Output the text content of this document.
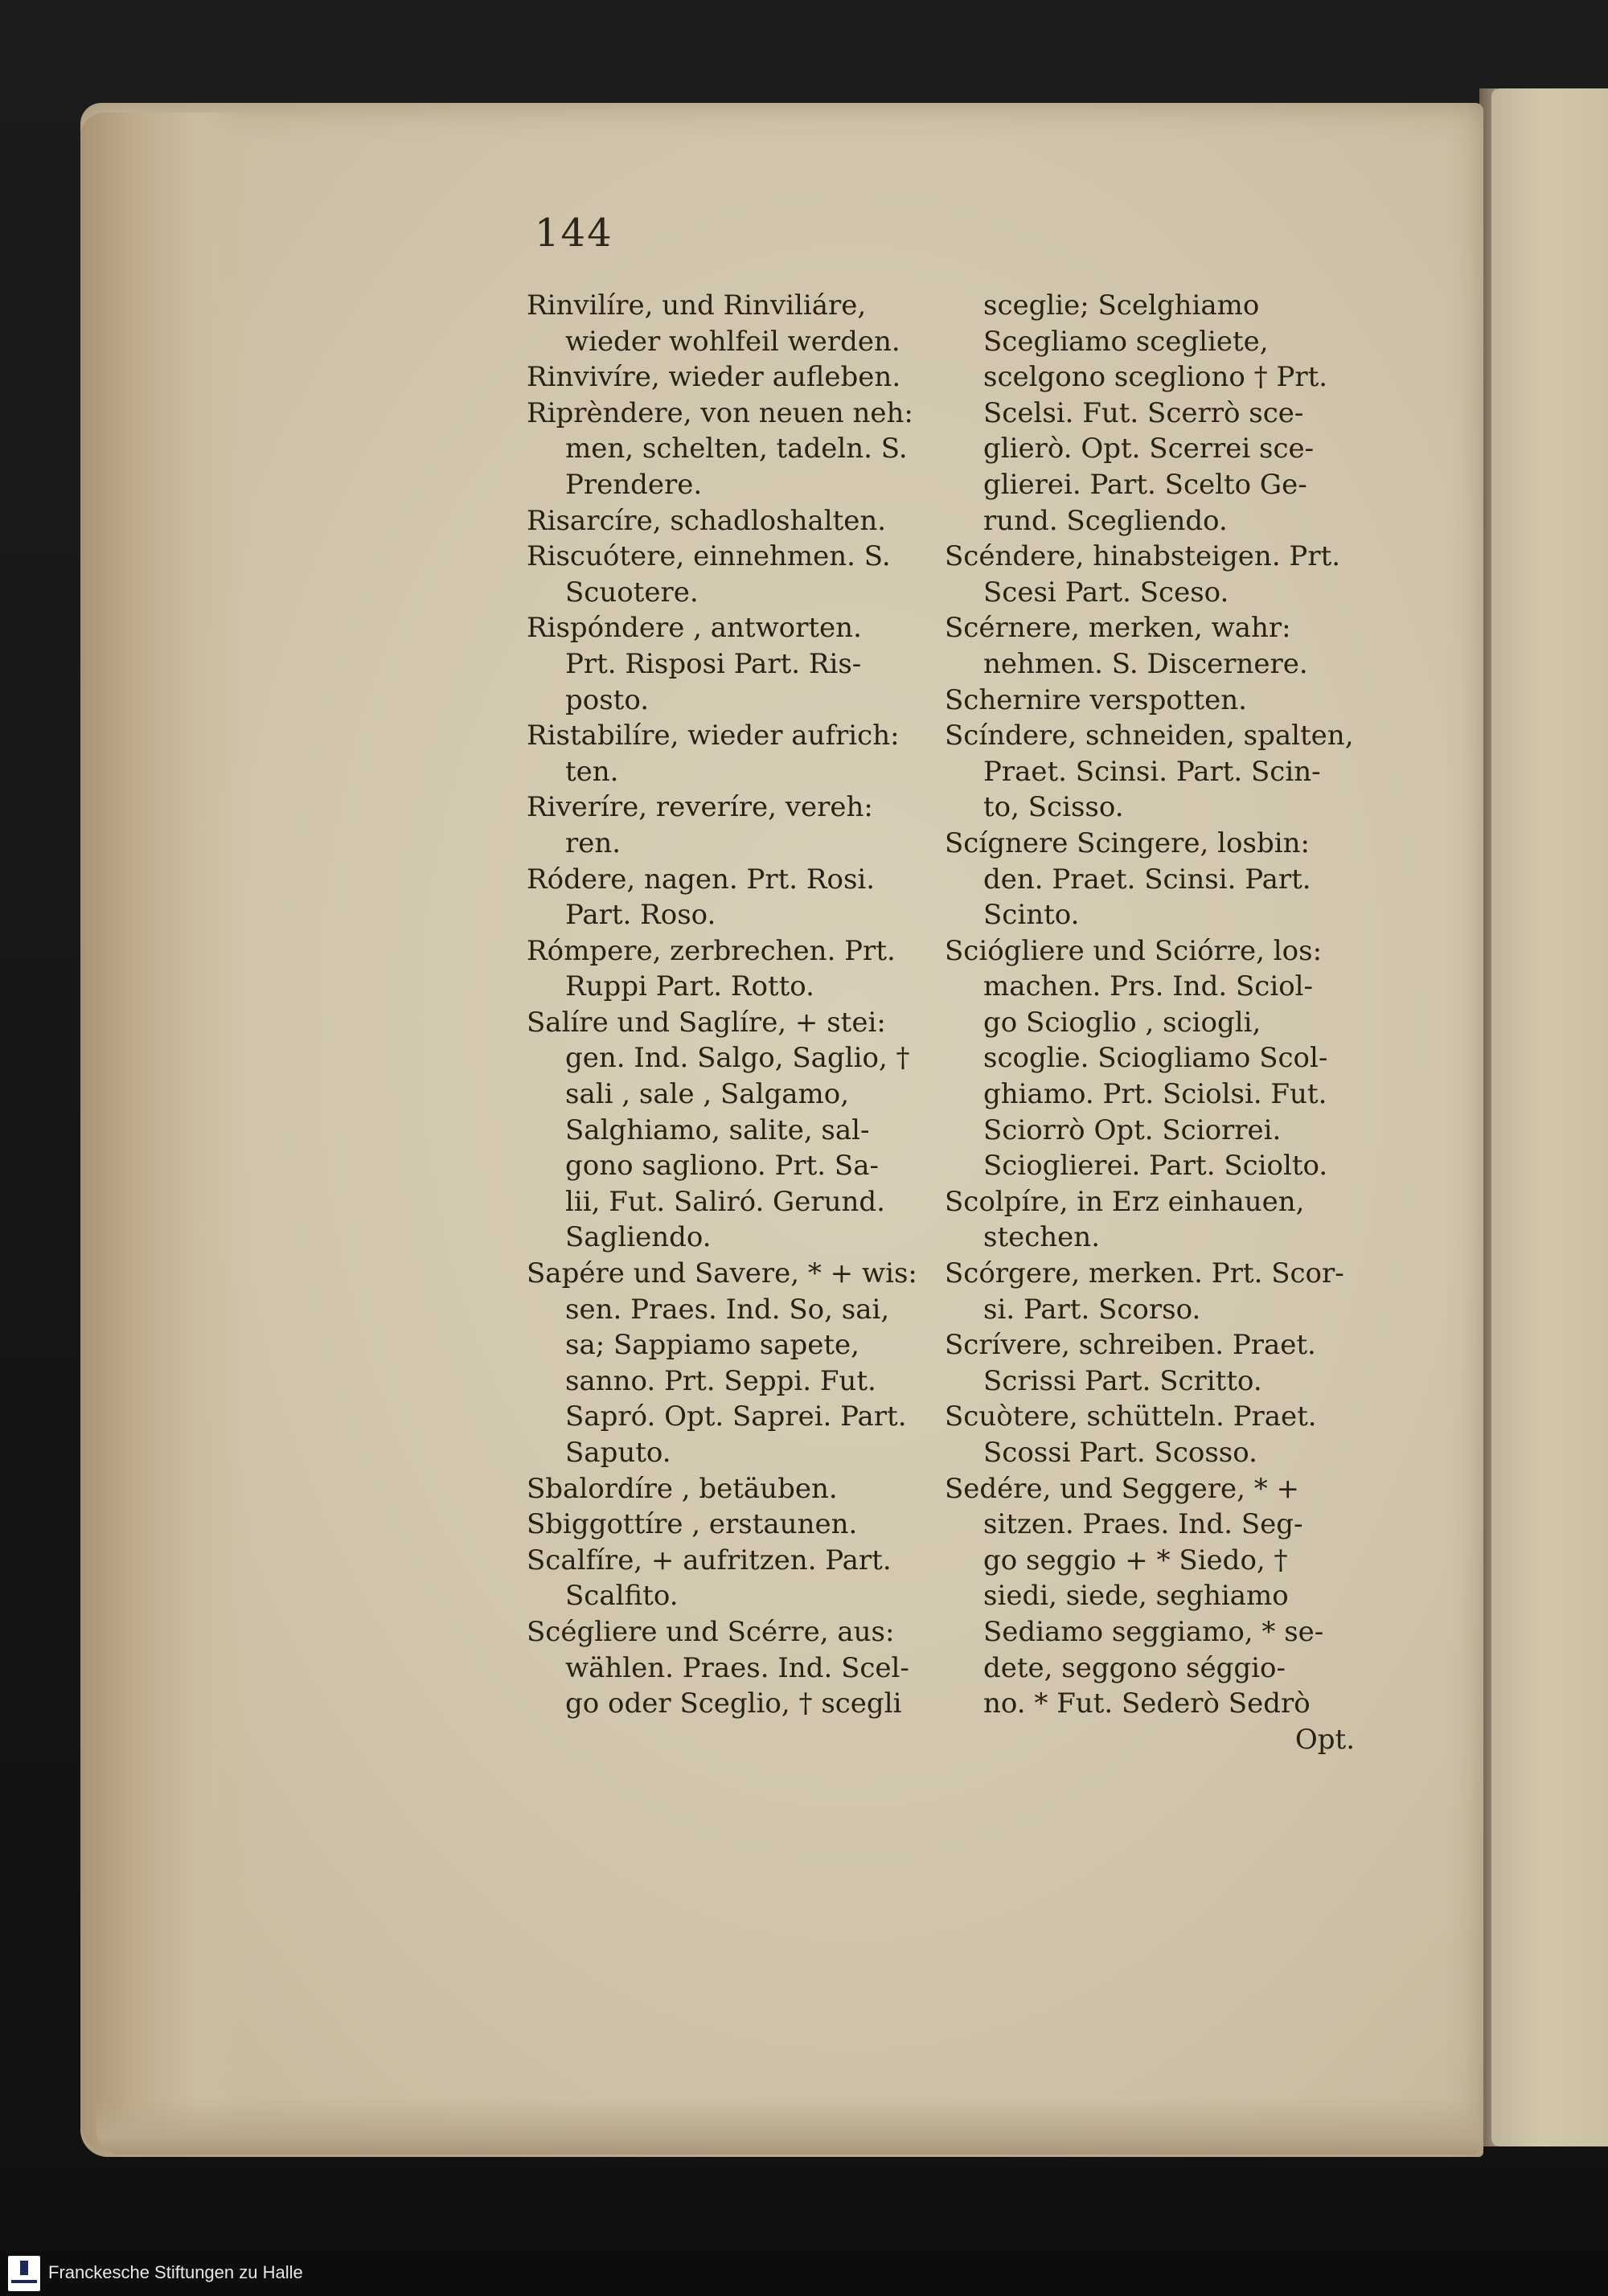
144
Rinvilíre, und Rinviliáre,
wieder wohlfeil werden.
Rinvivíre, wieder aufleben.
Riprèndere, von neuen neh:
men, schelten, tadeln. S.
Prendere.
Risarcíre, schadloshalten.
Riscuótere, einnehmen. S.
Scuotere.
Rispóndere , antworten.
Prt. Risposi Part. Ris-
posto.
Ristabilíre, wieder aufrich:
ten.
Riveríre, reveríre, vereh:
ren.
Ródere, nagen. Prt. Rosi.
Part. Roso.
Rómpere, zerbrechen. Prt.
Ruppi Part. Rotto.
Salíre und Saglíre, + stei:
gen. Ind. Salgo, Saglio, †
sali , sale , Salgamo,
Salghiamo, salite, sal-
gono sagliono. Prt. Sa-
lii, Fut. Saliró. Gerund.
Sagliendo.
Sapére und Savere, * + wis:
sen. Praes. Ind. So, sai,
sa; Sappiamo sapete,
sanno. Prt. Seppi. Fut.
Sapró. Opt. Saprei. Part.
Saputo.
Sbalordíre , betäuben.
Sbiggottíre , erstaunen.
Scalfíre, + aufritzen. Part.
Scalfito.
Scégliere und Scérre, aus:
wählen. Praes. Ind. Scel-
go oder Sceglio, † scegli
sceglie; Scelghiamo
Scegliamo scegliete,
scelgono scegliono † Prt.
Scelsi. Fut. Scerrò sce-
glierò. Opt. Scerrei sce-
glierei. Part. Scelto Ge-
rund. Scegliendo.
Scéndere, hinabsteigen. Prt.
Scesi Part. Sceso.
Scérnere, merken, wahr:
nehmen. S. Discernere.
Schernire verspotten.
Scíndere, schneiden, spalten,
Praet. Scinsi. Part. Scin-
to, Scisso.
Scígnere Scingere, losbin:
den. Praet. Scinsi. Part.
Scinto.
Sciógliere und Sciórre, los:
machen. Prs. Ind. Sciol-
go Scioglio , sciogli,
scoglie. Sciogliamo Scol-
ghiamo. Prt. Sciolsi. Fut.
Sciorrò Opt. Sciorrei.
Scioglierei. Part. Sciolto.
Scolpíre, in Erz einhauen,
stechen.
Scórgere, merken. Prt. Scor-
si. Part. Scorso.
Scrívere, schreiben. Praet.
Scrissi Part. Scritto.
Scuòtere, schütteln. Praet.
Scossi Part. Scosso.
Sedére, und Seggere, * +
sitzen. Praes. Ind. Seg-
go seggio + * Siedo, †
siedi, siede, seghiamo
Sediamo seggiamo, * se-
dete, seggono séggio-
no. * Fut. Sederò Sedrò
Opt.
Franckesche Stiftungen zu Halle
